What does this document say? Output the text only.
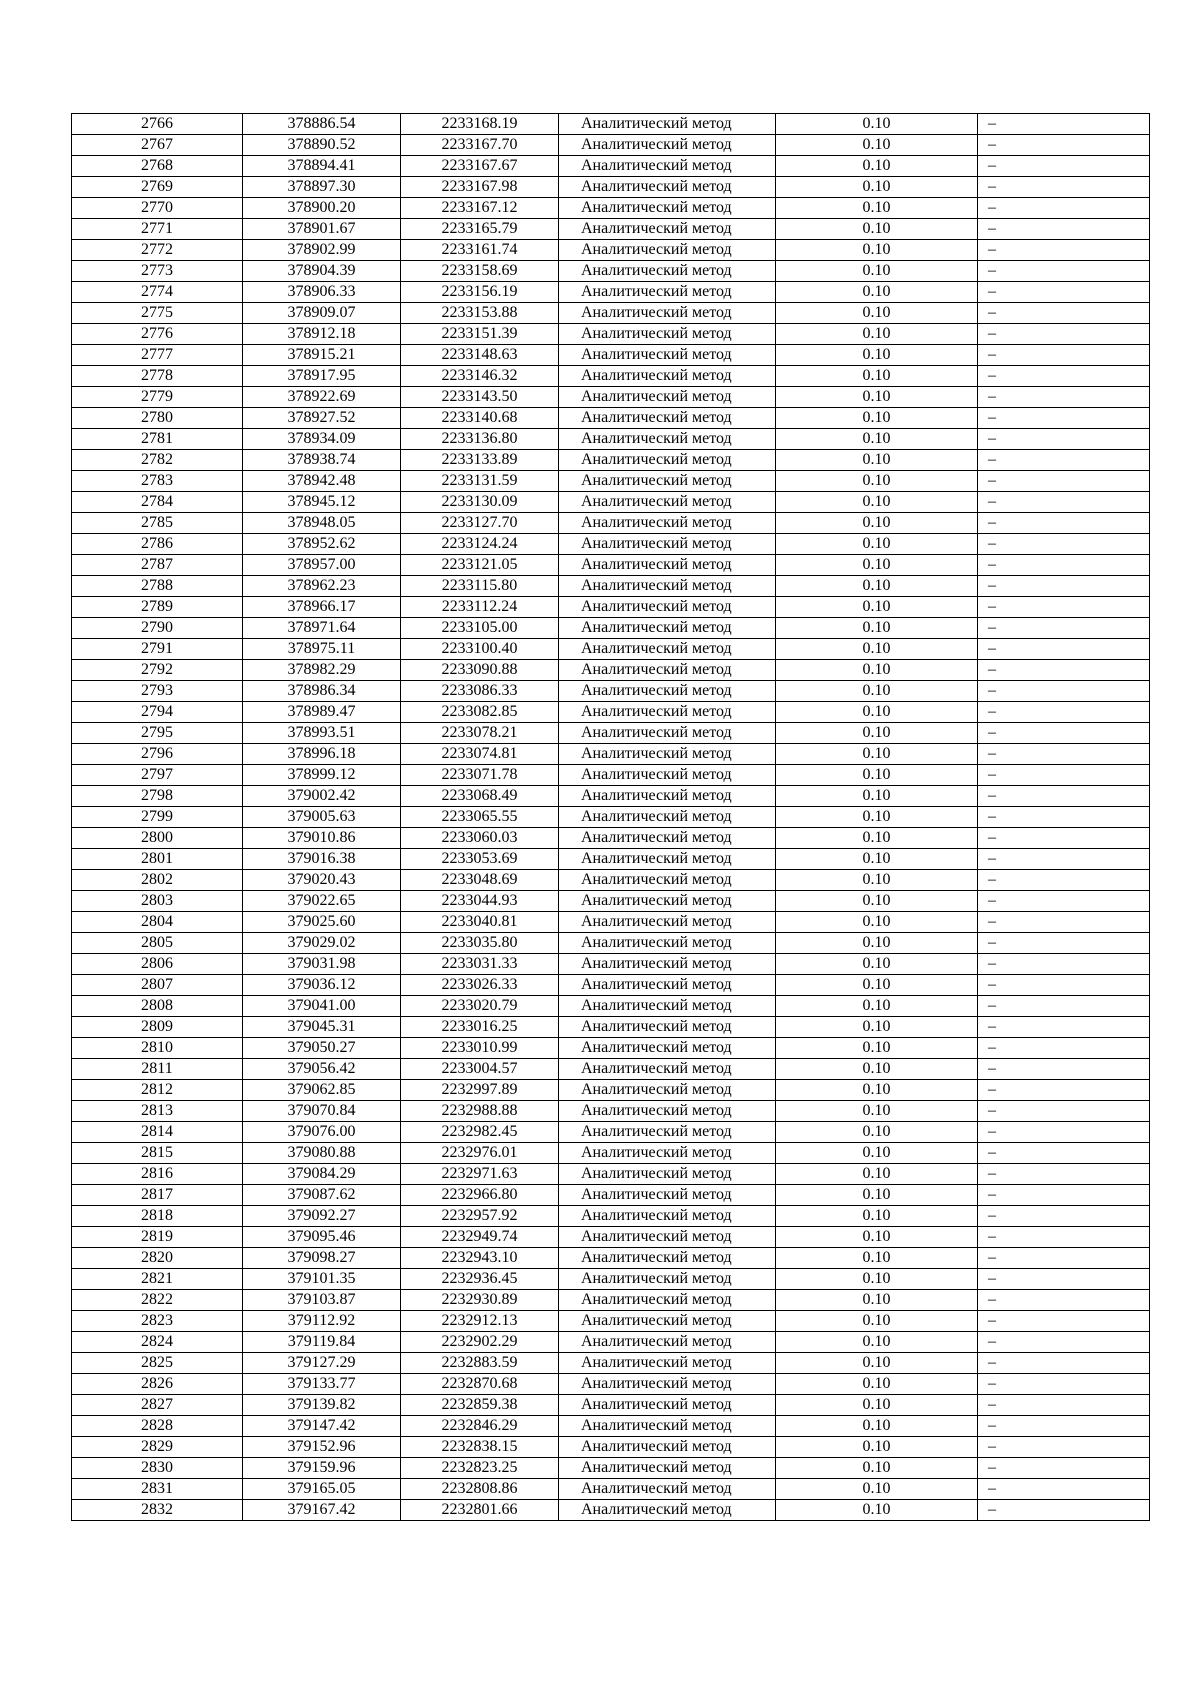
2766	378886.54	2233168.19	Аналитический метод	0.10	–
2767	378890.52	2233167.70	Аналитический метод	0.10	–
2768	378894.41	2233167.67	Аналитический метод	0.10	–
2769	378897.30	2233167.98	Аналитический метод	0.10	–
2770	378900.20	2233167.12	Аналитический метод	0.10	–
2771	378901.67	2233165.79	Аналитический метод	0.10	–
2772	378902.99	2233161.74	Аналитический метод	0.10	–
2773	378904.39	2233158.69	Аналитический метод	0.10	–
2774	378906.33	2233156.19	Аналитический метод	0.10	–
2775	378909.07	2233153.88	Аналитический метод	0.10	–
2776	378912.18	2233151.39	Аналитический метод	0.10	–
2777	378915.21	2233148.63	Аналитический метод	0.10	–
2778	378917.95	2233146.32	Аналитический метод	0.10	–
2779	378922.69	2233143.50	Аналитический метод	0.10	–
2780	378927.52	2233140.68	Аналитический метод	0.10	–
2781	378934.09	2233136.80	Аналитический метод	0.10	–
2782	378938.74	2233133.89	Аналитический метод	0.10	–
2783	378942.48	2233131.59	Аналитический метод	0.10	–
2784	378945.12	2233130.09	Аналитический метод	0.10	–
2785	378948.05	2233127.70	Аналитический метод	0.10	–
2786	378952.62	2233124.24	Аналитический метод	0.10	–
2787	378957.00	2233121.05	Аналитический метод	0.10	–
2788	378962.23	2233115.80	Аналитический метод	0.10	–
2789	378966.17	2233112.24	Аналитический метод	0.10	–
2790	378971.64	2233105.00	Аналитический метод	0.10	–
2791	378975.11	2233100.40	Аналитический метод	0.10	–
2792	378982.29	2233090.88	Аналитический метод	0.10	–
2793	378986.34	2233086.33	Аналитический метод	0.10	–
2794	378989.47	2233082.85	Аналитический метод	0.10	–
2795	378993.51	2233078.21	Аналитический метод	0.10	–
2796	378996.18	2233074.81	Аналитический метод	0.10	–
2797	378999.12	2233071.78	Аналитический метод	0.10	–
2798	379002.42	2233068.49	Аналитический метод	0.10	–
2799	379005.63	2233065.55	Аналитический метод	0.10	–
2800	379010.86	2233060.03	Аналитический метод	0.10	–
2801	379016.38	2233053.69	Аналитический метод	0.10	–
2802	379020.43	2233048.69	Аналитический метод	0.10	–
2803	379022.65	2233044.93	Аналитический метод	0.10	–
2804	379025.60	2233040.81	Аналитический метод	0.10	–
2805	379029.02	2233035.80	Аналитический метод	0.10	–
2806	379031.98	2233031.33	Аналитический метод	0.10	–
2807	379036.12	2233026.33	Аналитический метод	0.10	–
2808	379041.00	2233020.79	Аналитический метод	0.10	–
2809	379045.31	2233016.25	Аналитический метод	0.10	–
2810	379050.27	2233010.99	Аналитический метод	0.10	–
2811	379056.42	2233004.57	Аналитический метод	0.10	–
2812	379062.85	2232997.89	Аналитический метод	0.10	–
2813	379070.84	2232988.88	Аналитический метод	0.10	–
2814	379076.00	2232982.45	Аналитический метод	0.10	–
2815	379080.88	2232976.01	Аналитический метод	0.10	–
2816	379084.29	2232971.63	Аналитический метод	0.10	–
2817	379087.62	2232966.80	Аналитический метод	0.10	–
2818	379092.27	2232957.92	Аналитический метод	0.10	–
2819	379095.46	2232949.74	Аналитический метод	0.10	–
2820	379098.27	2232943.10	Аналитический метод	0.10	–
2821	379101.35	2232936.45	Аналитический метод	0.10	–
2822	379103.87	2232930.89	Аналитический метод	0.10	–
2823	379112.92	2232912.13	Аналитический метод	0.10	–
2824	379119.84	2232902.29	Аналитический метод	0.10	–
2825	379127.29	2232883.59	Аналитический метод	0.10	–
2826	379133.77	2232870.68	Аналитический метод	0.10	–
2827	379139.82	2232859.38	Аналитический метод	0.10	–
2828	379147.42	2232846.29	Аналитический метод	0.10	–
2829	379152.96	2232838.15	Аналитический метод	0.10	–
2830	379159.96	2232823.25	Аналитический метод	0.10	–
2831	379165.05	2232808.86	Аналитический метод	0.10	–
2832	379167.42	2232801.66	Аналитический метод	0.10	–
